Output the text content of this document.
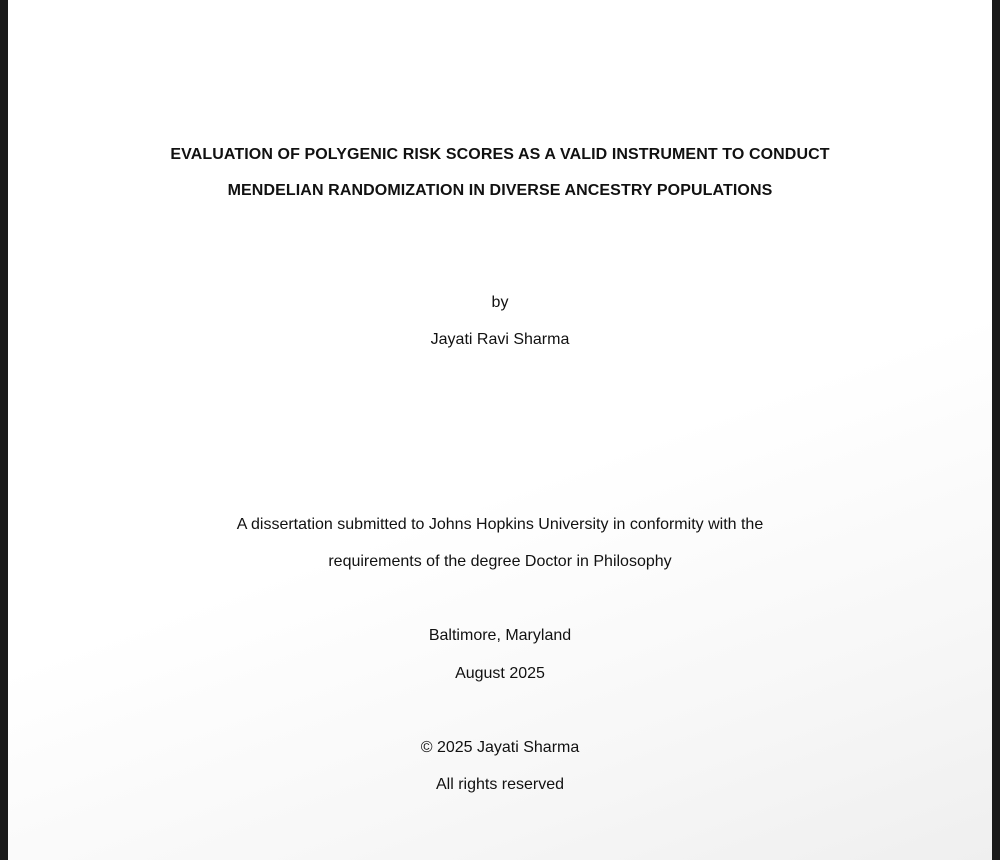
EVALUATION OF POLYGENIC RISK SCORES AS A VALID INSTRUMENT TO CONDUCT
MENDELIAN RANDOMIZATION IN DIVERSE ANCESTRY POPULATIONS
by
Jayati Ravi Sharma
A dissertation submitted to Johns Hopkins University in conformity with the
requirements of the degree Doctor in Philosophy
Baltimore, Maryland
August 2025
© 2025 Jayati Sharma
All rights reserved
